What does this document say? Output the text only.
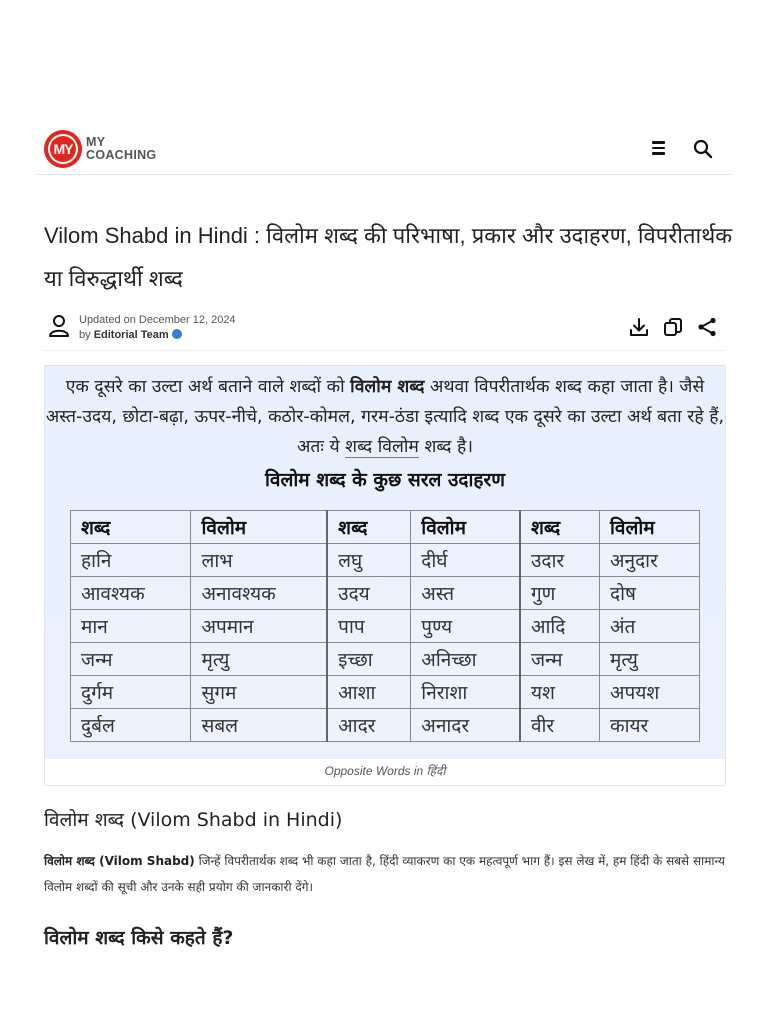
MY	MY
COACHING
Vilom Shabd in Hindi : विलोम शब्द की परिभाषा, प्रकार और उदाहरण, विपरीतार्थक या विरुद्धार्थी शब्द
Updated on December 12, 2024
by Editorial Team
एक दूसरे का उल्टा अर्थ बताने वाले शब्दों को विलोम शब्द अथवा विपरीतार्थक शब्द कहा जाता है। जैसे अस्त-उदय, छोटा-बढ़ा, ऊपर-नीचे, कठोर-कोमल, गरम-ठंडा इत्यादि शब्द एक दूसरे का उल्टा अर्थ बता रहे हैं, अतः ये शब्द विलोम शब्द है।
विलोम शब्द के कुछ सरल उदाहरण
शब्द	विलोम	शब्द	विलोम	शब्द	विलोम
हानि	लाभ	लघु	दीर्घ	उदार	अनुदार
आवश्यक	अनावश्यक	उदय	अस्त	गुण	दोष
मान	अपमान	पाप	पुण्य	आदि	अंत
जन्म	मृत्यु	इच्छा	अनिच्छा	जन्म	मृत्यु
दुर्गम	सुगम	आशा	निराशा	यश	अपयश
दुर्बल	सबल	आदर	अनादर	वीर	कायर
Opposite Words in हिंदी
विलोम शब्द (Vilom Shabd in Hindi)

विलोम शब्द (Vilom Shabd) जिन्हें विपरीतार्थक शब्द भी कहा जाता है, हिंदी व्याकरण का एक महत्वपूर्ण भाग हैं। इस लेख में, हम हिंदी के सबसे सामान्य विलोम शब्दों की सूची और उनके सही प्रयोग की जानकारी देंगे।

विलोम शब्द किसे कहते हैं?
